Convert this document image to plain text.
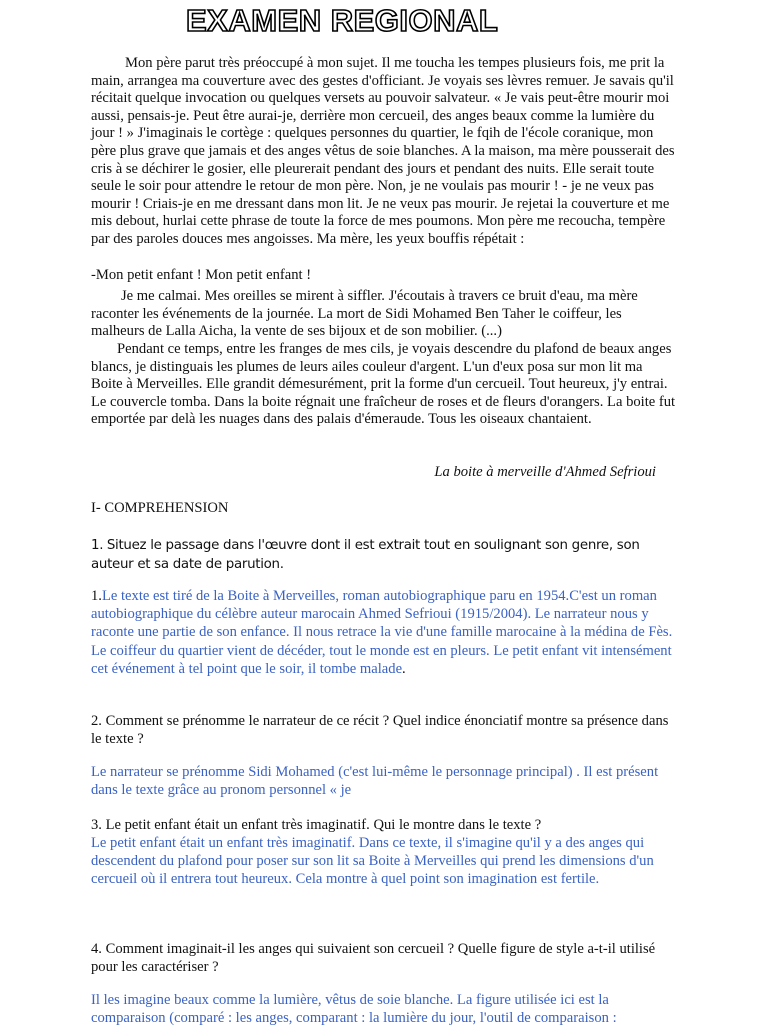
EXAMEN REGIONAL

Mon père parut très préoccupé à mon sujet. Il me toucha les tempes plusieurs fois, me prit la main, arrangea ma couverture avec des gestes d'officiant. Je voyais ses lèvres remuer. Je savais qu'il récitait quelque invocation ou quelques versets au pouvoir salvateur. « Je vais peut-être mourir moi aussi, pensais-je. Peut être aurai-je, derrière mon cercueil, des anges beaux comme la lumière du jour ! » J'imaginais le cortège : quelques personnes du quartier, le fqih de l'école coranique, mon père plus grave que jamais et des anges vêtus de soie blanches. A la maison, ma mère pousserait des cris à se déchirer le gosier, elle pleurerait pendant des jours et pendant des nuits. Elle serait toute seule le soir pour attendre le retour de mon père. Non, je ne voulais pas mourir ! - je ne veux pas mourir ! Criais-je en me dressant dans mon lit. Je ne veux pas mourir. Je rejetai la couverture et me mis debout, hurlai cette phrase de toute la force de mes poumons. Mon père me recoucha, tempère par des paroles douces mes angoisses. Ma mère, les yeux bouffis répétait :

-Mon petit enfant ! Mon petit enfant !

Je me calmai. Mes oreilles se mirent à siffler. J'écoutais à travers ce bruit d'eau, ma mère raconter les événements de la journée. La mort de Sidi Mohamed Ben Taher le coiffeur, les malheurs de Lalla Aicha, la vente de ses bijoux et de son mobilier. (...)

Pendant ce temps, entre les franges de mes cils, je voyais descendre du plafond de beaux anges blancs, je distinguais les plumes de leurs ailes couleur d'argent. L'un d'eux posa sur mon lit ma Boite à Merveilles. Elle grandit démesurément, prit la forme d'un cercueil. Tout heureux, j'y entrai. Le couvercle tomba. Dans la boite régnait une fraîcheur de roses et de fleurs d'orangers. La boite fut emportée par delà les nuages dans des palais d'émeraude. Tous les oiseaux chantaient.

La boite à merveille d'Ahmed Sefrioui
I- COMPREHENSION
1. Situez le passage dans l'œuvre dont il est extrait tout en soulignant son genre, son auteur et sa date de parution.
1.Le texte est tiré de la Boite à Merveilles, roman autobiographique paru en 1954.C'est un roman autobiographique du célèbre auteur marocain Ahmed Sefrioui (1915/2004). Le narrateur nous y raconte une partie de son enfance. Il nous retrace la vie d'une famille marocaine à la médina de Fès. Le coiffeur du quartier vient de décéder, tout le monde est en pleurs. Le petit enfant vit intensément cet événement à tel point que le soir, il tombe malade.
2. Comment se prénomme le narrateur de ce récit ? Quel indice énonciatif montre sa présence dans le texte ?
Le narrateur se prénomme Sidi Mohamed (c'est lui-même le personnage principal) . Il est présent dans le texte grâce au pronom personnel « je
3. Le petit enfant était un enfant très imaginatif. Qui le montre dans le texte ?
Le petit enfant était un enfant très imaginatif. Dans ce texte, il s'imagine qu'il y a des anges qui descendent du plafond pour poser sur son lit sa Boite à Merveilles qui prend les dimensions d'un cercueil où il entrera tout heureux. Cela montre à quel point son imagination est fertile.
4. Comment imaginait-il les anges qui suivaient son cercueil ? Quelle figure de style a-t-il utilisé pour les caractériser ?
Il les imagine beaux comme la lumière, vêtus de soie blanche. La figure utilisée ici est la comparaison (comparé : les anges, comparant : la lumière du jour, l'outil de comparaison :
